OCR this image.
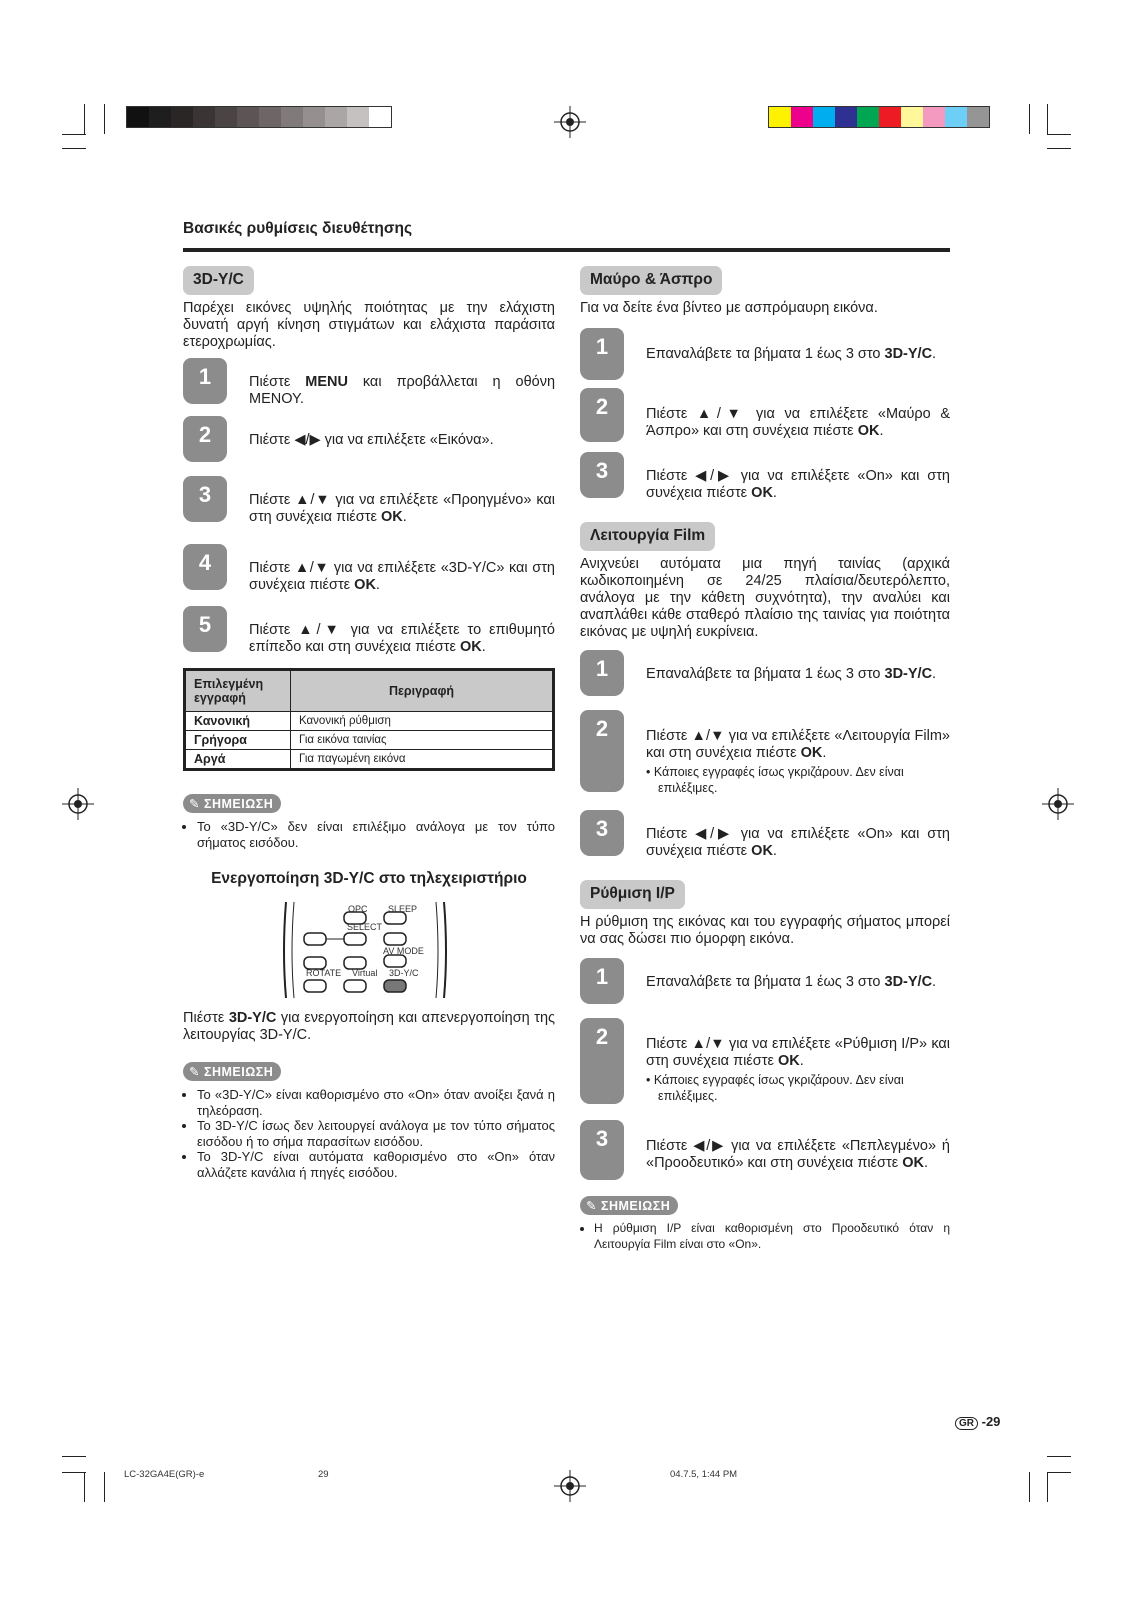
Βασικές ρυθμίσεις διευθέτησης
3D-Y/C

Παρέχει εικόνες υψηλής ποιότητας με την ελάχιστη δυνατή αργή κίνηση στιγμάτων και ελάχιστα παράσιτα ετεροχρωμίας.

1	Πιέστε MENU και προβάλλεται η οθόνη ΜΕΝΟΥ.
2	Πιέστε ◀/▶ για να επιλέξετε «Εικόνα».
3	Πιέστε ▲/▼ για να επιλέξετε «Προηγμένο» και στη συνέχεια πιέστε OK.
4	Πιέστε ▲/▼ για να επιλέξετε «3D-Y/C» και στη συνέχεια πιέστε OK.
5	Πιέστε ▲/▼ για να επιλέξετε το επιθυμητό επίπεδο και στη συνέχεια πιέστε OK.
Επιλεγμένη εγγραφή	Περιγραφή
Κανονική	Κανονική ρύθμιση
Γρήγορα	Για εικόνα ταινίας
Αργά	Για παγωμένη εικόνα
✎ ΣΗΜΕΙΩΣΗ
• Το «3D-Y/C» δεν είναι επιλέξιμο ανάλογα με τον τύπο σήματος εισόδου.
Ενεργοποίηση 3D-Y/C στο τηλεχειριστήριο
OPC SLEEP
SELECT
AV MODE
ROTATE Virtual 3D-Y/C

Πιέστε 3D-Y/C για ενεργοποίηση και απενεργοποίηση της λειτουργίας 3D-Y/C.

✎ ΣΗΜΕΙΩΣΗ
• Το «3D-Y/C» είναι καθορισμένο στο «On» όταν ανοίξει ξανά η τηλεόραση.
• Το 3D-Y/C ίσως δεν λειτουργεί ανάλογα με τον τύπο σήματος εισόδου ή το σήμα παρασίτων εισόδου.
• Το 3D-Y/C είναι αυτόματα καθορισμένο στο «On» όταν αλλάζετε κανάλια ή πηγές εισόδου.
Μαύρο & Άσπρο

Για να δείτε ένα βίντεο με ασπρόμαυρη εικόνα.

1	Επαναλάβετε τα βήματα 1 έως 3 στο 3D-Y/C.
2	Πιέστε ▲/▼ για να επιλέξετε «Μαύρο & Άσπρο» και στη συνέχεια πιέστε OK.
3	Πιέστε ◀/▶ για να επιλέξετε «On» και στη συνέχεια πιέστε OK.
Λειτουργία Film

Ανιχνεύει αυτόματα μια πηγή ταινίας (αρχικά κωδικοποιημένη σε 24/25 πλαίσια/δευτερόλεπτο, ανάλογα με την κάθετη συχνότητα), την αναλύει και αναπλάθει κάθε σταθερό πλαίσιο της ταινίας για ποιότητα εικόνας με υψηλή ευκρίνεια.

1	Επαναλάβετε τα βήματα 1 έως 3 στο 3D-Y/C.
2	Πιέστε ▲/▼ για να επιλέξετε «Λειτουργία Film» και στη συνέχεια πιέστε OK.
• Κάποιες εγγραφές ίσως γκριζάρουν. Δεν είναι επιλέξιμες.
3	Πιέστε ◀/▶ για να επιλέξετε «On» και στη συνέχεια πιέστε OK.
Ρύθμιση I/P

Η ρύθμιση της εικόνας και του εγγραφής σήματος μπορεί να σας δώσει πιο όμορφη εικόνα.

1	Επαναλάβετε τα βήματα 1 έως 3 στο 3D-Y/C.
2	Πιέστε ▲/▼ για να επιλέξετε «Ρύθμιση I/P» και στη συνέχεια πιέστε OK.
• Κάποιες εγγραφές ίσως γκριζάρουν. Δεν είναι επιλέξιμες.
3	Πιέστε ◀/▶ για να επιλέξετε «Πεπλεγμένο» ή «Προοδευτικό» και στη συνέχεια πιέστε OK.
✎ ΣΗΜΕΙΩΣΗ
• Η ρύθμιση I/P είναι καθορισμένη στο Προοδευτικό όταν η Λειτουργία Film είναι στο «On».
GR -29
LC-32GA4E(GR)-e	29	04.7.5, 1:44 PM
